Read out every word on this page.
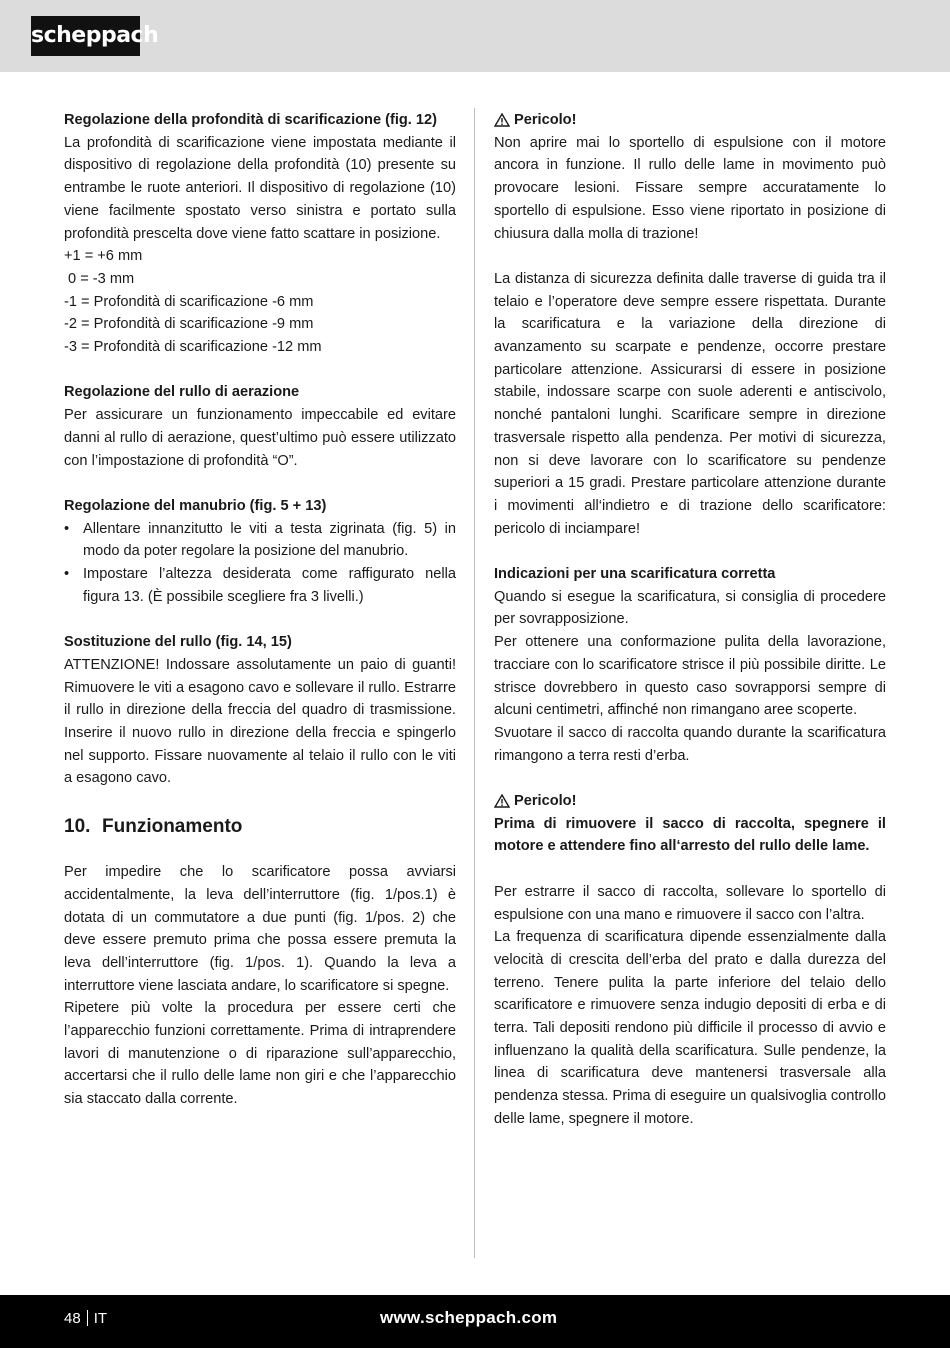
scheppach
Regolazione della profondità di scarificazione (fig. 12)

La profondità di scarificazione viene impostata mediante il dispositivo di regolazione della profondità (10) presente su entrambe le ruote anteriori. Il dispositivo di regolazione (10) viene facilmente spostato verso sinistra e portato sulla profondità prescelta dove viene fatto scattare in posizione.

+1 = +6 mm

0 = -3 mm

-1 = Profondità di scarificazione -6 mm

-2 = Profondità di scarificazione -9 mm

-3 = Profondità di scarificazione -12 mm

Regolazione del rullo di aerazione

Per assicurare un funzionamento impeccabile ed evitare danni al rullo di aerazione, quest’ultimo può essere utilizzato con l’impostazione di profondità “O”.

Regolazione del manubrio (fig. 5 + 13)
• Allentare innanzitutto le viti a testa zigrinata (fig. 5) in modo da poter regolare la posizione del manubrio.
• Impostare l’altezza desiderata come raffigurato nella figura 13. (È possibile scegliere fra 3 livelli.)
Sostituzione del rullo (fig. 14, 15)

ATTENZIONE! Indossare assolutamente un paio di guanti! Rimuovere le viti a esagono cavo e sollevare il rullo. Estrarre il rullo in direzione della freccia del quadro di trasmissione. Inserire il nuovo rullo in direzione della freccia e spingerlo nel supporto. Fissare nuovamente al telaio il rullo con le viti a esagono cavo.

10. Funzionamento

Per impedire che lo scarificatore possa avviarsi accidentalmente, la leva dell’interruttore (fig. 1/pos.1) è dotata di un commutatore a due punti (fig. 1/pos. 2) che deve essere premuto prima che possa essere premuta la leva dell’interruttore (fig. 1/pos. 1). Quando la leva a interruttore viene lasciata andare, lo scarificatore si spegne.

Ripetere più volte la procedura per essere certi che l’apparecchio funzioni correttamente. Prima di intraprendere lavori di manutenzione o di riparazione sull’apparecchio, accertarsi che il rullo delle lame non giri e che l’apparecchio sia staccato dalla corrente.

Pericolo!

Non aprire mai lo sportello di espulsione con il motore ancora in funzione. Il rullo delle lame in movimento può provocare lesioni. Fissare sempre accuratamente lo sportello di espulsione. Esso viene riportato in posizione di chiusura dalla molla di trazione!

La distanza di sicurezza definita dalle traverse di guida tra il telaio e l’operatore deve sempre essere rispettata. Durante la scarificatura e la variazione della direzione di avanzamento su scarpate e pendenze, occorre prestare particolare attenzione. Assicurarsi di essere in posizione stabile, indossare scarpe con suole aderenti e antiscivolo, nonché pantaloni lunghi. Scarificare sempre in direzione trasversale rispetto alla pendenza. Per motivi di sicurezza, non si deve lavorare con lo scarificatore su pendenze superiori a 15 gradi. Prestare particolare attenzione durante i movimenti all‘indietro e di trazione dello scarificatore: pericolo di inciampare!

Indicazioni per una scarificatura corretta

Quando si esegue la scarificatura, si consiglia di procedere per sovrapposizione.

Per ottenere una conformazione pulita della lavorazione, tracciare con lo scarificatore strisce il più possibile diritte. Le strisce dovrebbero in questo caso sovrapporsi sempre di alcuni centimetri, affinché non rimangano aree scoperte.

Svuotare il sacco di raccolta quando durante la scarificatura rimangono a terra resti d’erba.

Pericolo!

Prima di rimuovere il sacco di raccolta, spegnere il motore e attendere fino all‘arresto del rullo delle lame.

Per estrarre il sacco di raccolta, sollevare lo sportello di espulsione con una mano e rimuovere il sacco con l’altra.

La frequenza di scarificatura dipende essenzialmente dalla velocità di crescita dell’erba del prato e dalla durezza del terreno. Tenere pulita la parte inferiore del telaio dello scarificatore e rimuovere senza indugio depositi di erba e di terra. Tali depositi rendono più difficile il processo di avvio e influenzano la qualità della scarificatura. Sulle pendenze, la linea di scarificatura deve mantenersi trasversale alla pendenza stessa. Prima di eseguire un qualsivoglia controllo delle lame, spegnere il motore.

48 IT	www.scheppach.com
